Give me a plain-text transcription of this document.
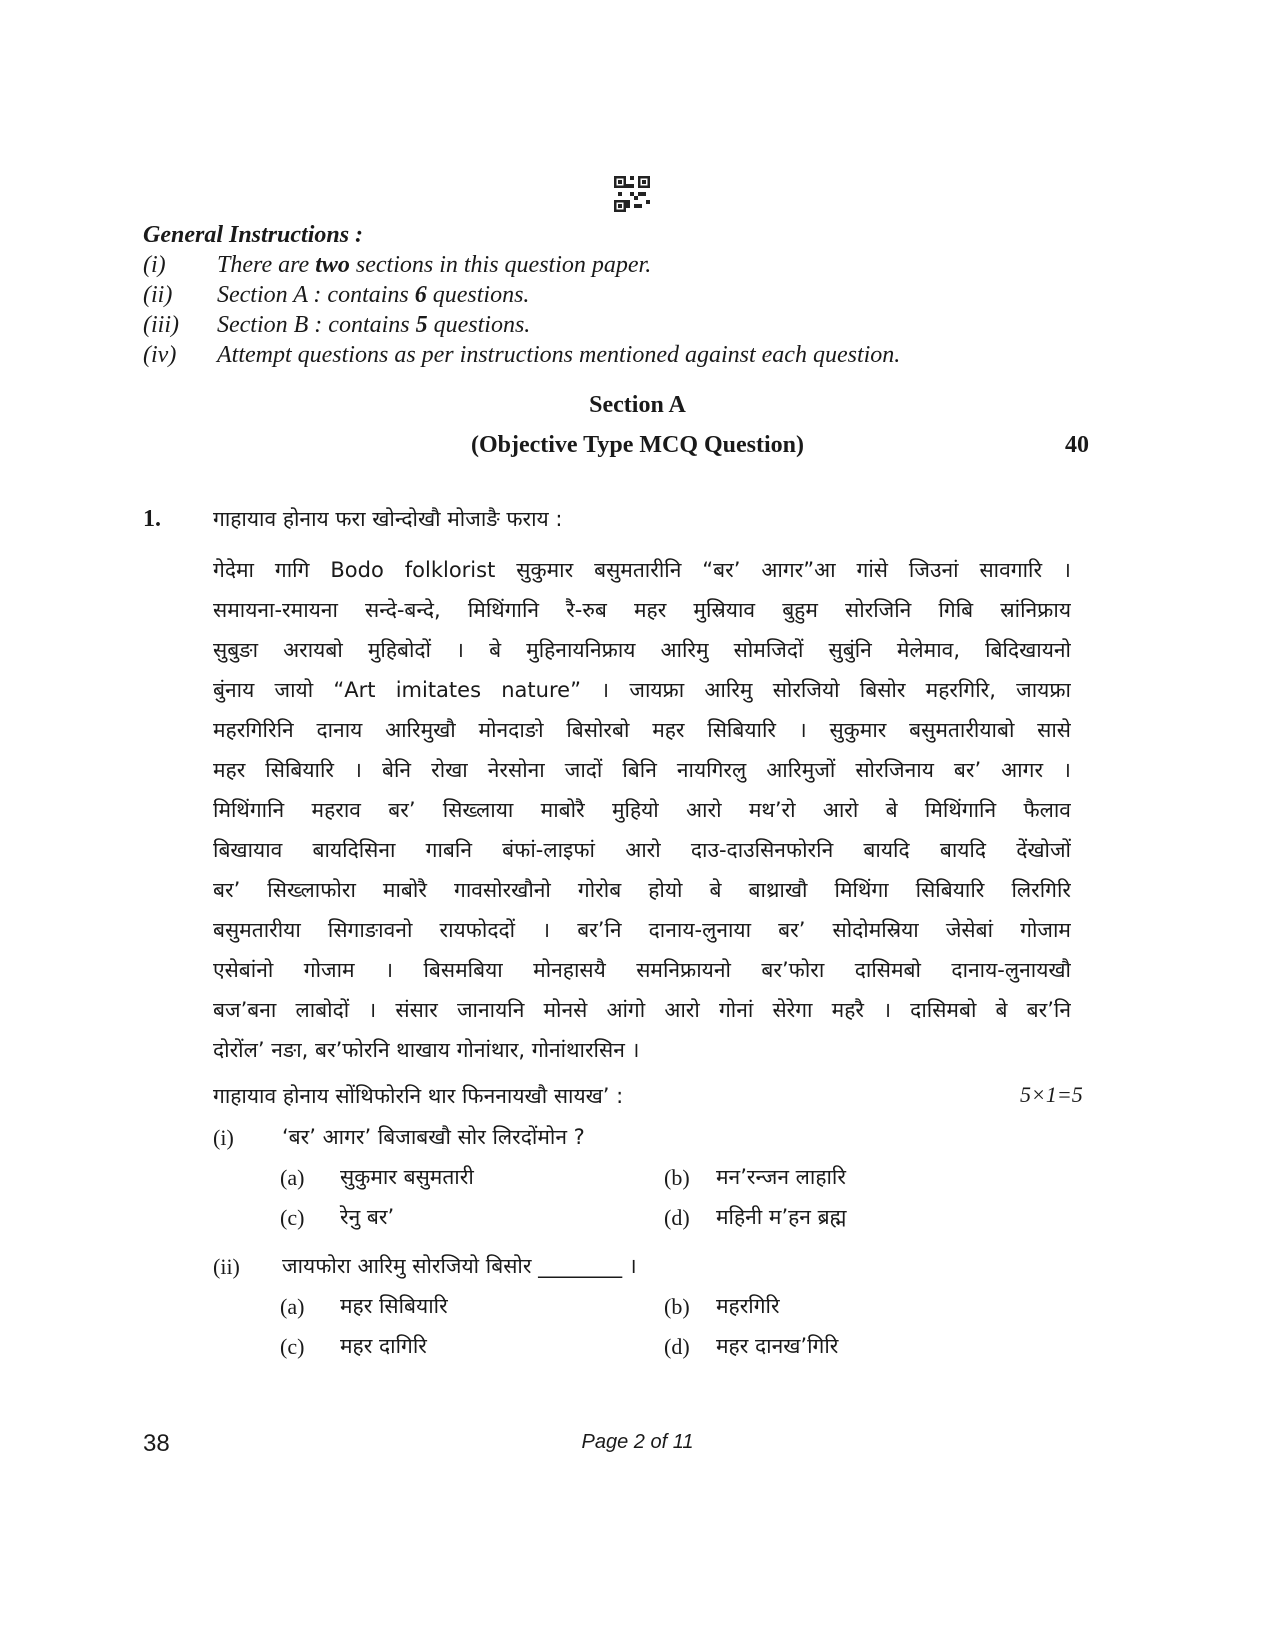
General Instructions :
(i)	There are two sections in this question paper.
(ii)	Section A : contains 6 questions.
(iii)	Section B : contains 5 questions.
(iv)	Attempt questions as per instructions mentioned against each question.
Section A
(Objective Type MCQ Question)	40
1. गाहायाव होनाय फरा खोन्दोखौ मोजाङै फराय :
गेदेमा गागि Bodo folklorist सुकुमार बसुमतारीनि “बर’ आगर”आ गांसे जिउनां सावगारि ।
समायना-रमायना सन्दे-बन्दे, मिथिंगानि रै-रुब महर मुस्रियाव बुहुम सोरजिनि गिबि स्रांनिफ्राय
सुबुङा अरायबो मुहिबोदों । बे मुहिनायनिफ्राय आरिमु सोमजिदों सुबुंनि मेलेमाव, बिदिखायनो
बुंनाय जायो “Art imitates nature” । जायफ्रा आरिमु सोरजियो बिसोर महरगिरि, जायफ्रा
महरगिरिनि दानाय आरिमुखौ मोनदाङो बिसोरबो महर सिबियारि । सुकुमार बसुमतारीयाबो सासे
महर सिबियारि । बेनि रोखा नेरसोना जादों बिनि नायगिरलु आरिमुजों सोरजिनाय बर’ आगर ।
मिथिंगानि महराव बर’ सिख्लाया माबोरै मुहियो आरो मथ’रो आरो बे मिथिंगानि फैलाव
बिखायाव बायदिसिना गाबनि बंफां-लाइफां आरो दाउ-दाउसिनफोरनि बायदि बायदि देंखोजों
बर’ सिख्लाफोरा माबोरै गावसोरखौनो गोरोब होयो बे बाथ्राखौ मिथिंगा सिबियारि लिरगिरि
बसुमतारीया सिगाङावनो रायफोददों । बर’नि दानाय-लुनाया बर’ सोदोमस्रिया जेसेबां गोजाम
एसेबांनो गोजाम । बिसमबिया मोनहासयै समनिफ्रायनो बर’फोरा दासिमबो दानाय-लुनायखौ
बज’बना लाबोदों । संसार जानायनि मोनसे आंगो आरो गोनां सेरेगा महरै । दासिमबो बे बर’नि
दोरोंल’ नङा, बर’फोरनि थाखाय गोनांथार, गोनांथारसिन ।
गाहायाव होनाय सोंथिफोरनि थार फिननायखौ सायख’ :	5×1=5
(i) ‘बर’ आगर’ बिजाबखौ सोर लिरदोंमोन ?
(a) सुकुमार बसुमतारी	(b) मन’रन्जन लाहारि
(c) रेनु बर’	(d) महिनी म’हन ब्रह्म
(ii) जायफोरा आरिमु सोरजियो बिसोर ________ ।
(a) महर सिबियारि	(b) महरगिरि
(c) महर दागिरि	(d) महर दानख’गिरि
38	Page 2 of 11
